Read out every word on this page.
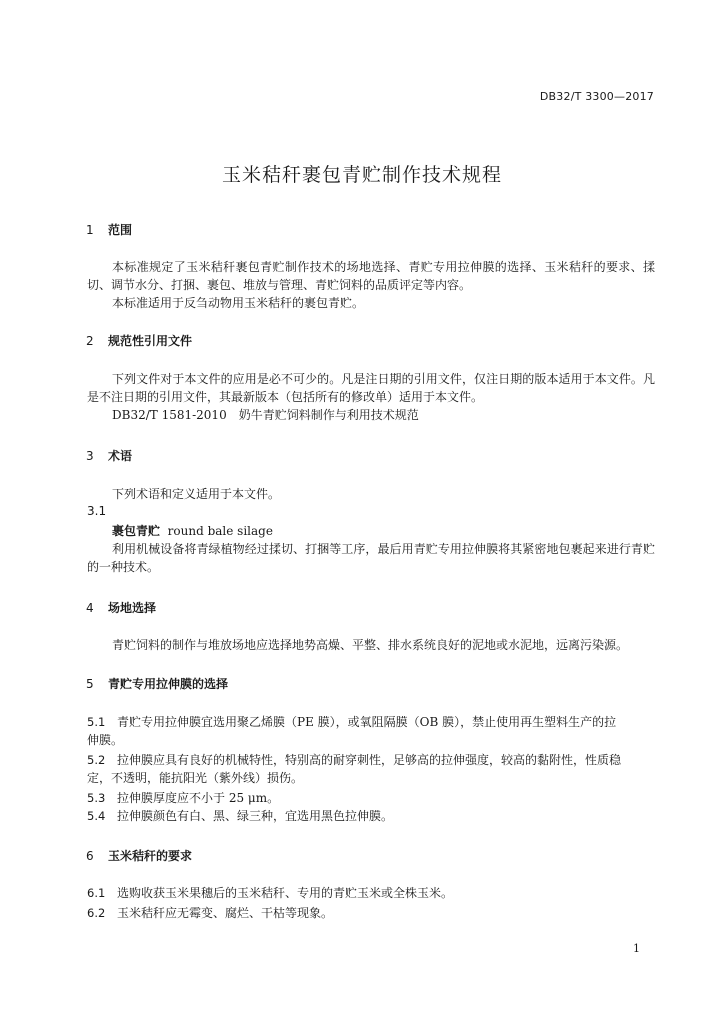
DB32/T 3300—2017
玉米秸秆裹包青贮制作技术规程
1 范围
本标准规定了玉米秸秆裹包青贮制作技术的场地选择、青贮专用拉伸膜的选择、玉米秸秆的要求、揉切、调节水分、打捆、裹包、堆放与管理、青贮饲料的品质评定等内容。
本标准适用于反刍动物用玉米秸秆的裹包青贮。
2 规范性引用文件
下列文件对于本文件的应用是必不可少的。凡是注日期的引用文件，仅注日期的版本适用于本文件。凡是不注日期的引用文件，其最新版本（包括所有的修改单）适用于本文件。
DB32/T 1581-2010　奶牛青贮饲料制作与利用技术规范
3 术语
下列术语和定义适用于本文件。
3.1
裹包青贮 round bale silage
利用机械设备将青绿植物经过揉切、打捆等工序，最后用青贮专用拉伸膜将其紧密地包裹起来进行青贮的一种技术。
4 场地选择
青贮饲料的制作与堆放场地应选择地势高燥、平整、排水系统良好的泥地或水泥地，远离污染源。
5 青贮专用拉伸膜的选择
5.1 青贮专用拉伸膜宜选用聚乙烯膜（PE 膜），或氧阻隔膜（OB 膜），禁止使用再生塑料生产的拉
伸膜。
5.2 拉伸膜应具有良好的机械特性，特别高的耐穿刺性，足够高的拉伸强度，较高的黏附性，性质稳
定，不透明，能抗阳光（紫外线）损伤。
5.3 拉伸膜厚度应不小于 25 μm。
5.4 拉伸膜颜色有白、黑、绿三种，宜选用黑色拉伸膜。
6 玉米秸秆的要求
6.1 选购收获玉米果穗后的玉米秸秆、专用的青贮玉米或全株玉米。
6.2 玉米秸秆应无霉变、腐烂、干枯等现象。
1
